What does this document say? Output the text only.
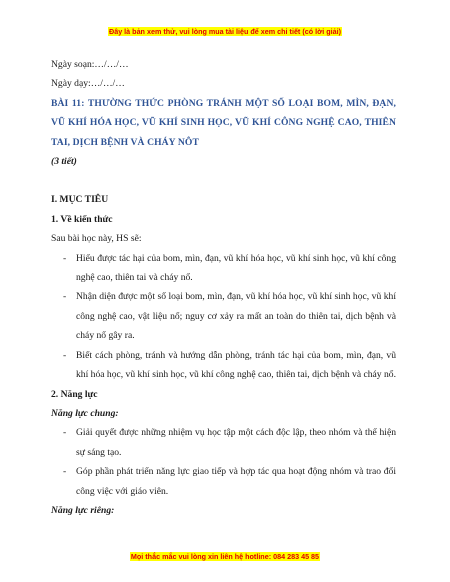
Đây là bản xem thử, vui lòng mua tài liệu để xem chi tiết (có lời giải)

Ngày soạn:…/…/…

Ngày dạy:…/…/…

BÀI 11: THƯỜNG THỨC PHÒNG TRÁNH MỘT SỐ LOẠI BOM, MÌN, ĐẠN, VŨ KHÍ HÓA HỌC, VŨ KHÍ SINH HỌC, VŨ KHÍ CÔNG NGHỆ CAO, THIÊN TAI, DỊCH BỆNH VÀ CHÁY NÔT

(3 tiết)

I. MỤC TIÊU

1. Về kiến thức

Sau bài học này, HS sẽ:

- Hiểu được tác hại của bom, mìn, đạn, vũ khí hóa học, vũ khí sinh học, vũ khí công nghệ cao, thiên tai và cháy nổ.
- Nhận diện được một số loại bom, mìn, đạn, vũ khí hóa học, vũ khí sinh học, vũ khí công nghệ cao, vật liệu nổ; nguy cơ xảy ra mất an toàn do thiên tai, dịch bệnh và cháy nổ gây ra.
- Biết cách phòng, tránh và hướng dẫn phòng, tránh tác hại của bom, mìn, đạn, vũ khí hóa học, vũ khí sinh học, vũ khí công nghệ cao, thiên tai, dịch bệnh và cháy nổ.

2. Năng lực

Năng lực chung:

- Giải quyết được những nhiệm vụ học tập một cách độc lập, theo nhóm và thể hiện sự sáng tạo.
- Góp phần phát triển năng lực giao tiếp và hợp tác qua hoạt động nhóm và trao đổi công việc với giáo viên.

Năng lực riêng:

Mọi thắc mắc vui lòng xin liên hệ hotline: 084 283 45 85
